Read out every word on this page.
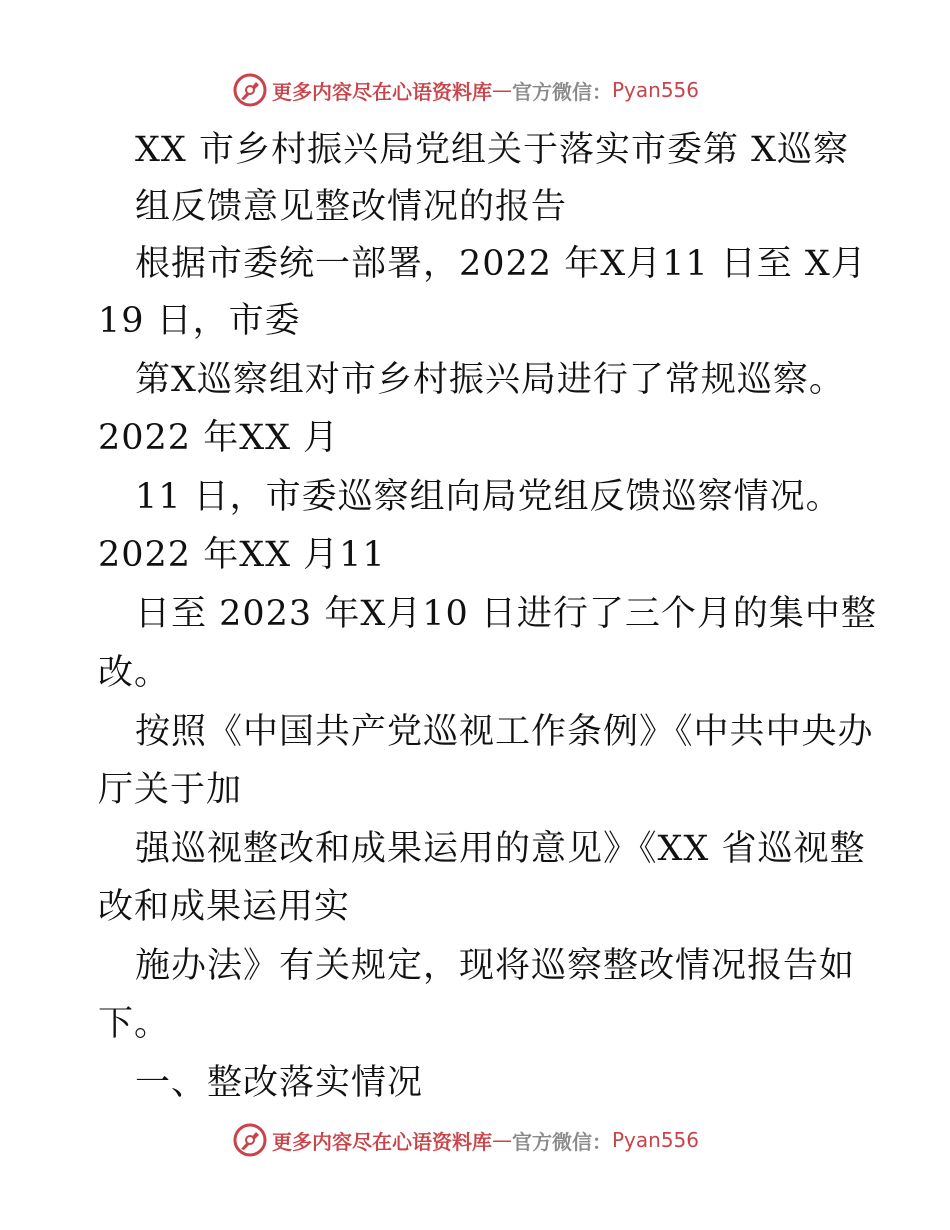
更多内容尽在心语资料库 — 官方微信： Pyan556
XX 市乡村振兴局党组关于落实市委第 X巡察
组反馈意见整改情况的报告
根据市委统一部署，2022 年X月11 日至 X月
19 日，市委
第X巡察组对市乡村振兴局进行了常规巡察。
2022 年XX 月
11 日，市委巡察组向局党组反馈巡察情况。
2022 年XX 月11
日至 2023 年X月10 日进行了三个月的集中整
改。
按照《中国共产党巡视工作条例》《中共中央办
厅关于加
强巡视整改和成果运用的意见》《XX 省巡视整
改和成果运用实
施办法》有关规定，现将巡察整改情况报告如
下。
一、整改落实情况
更多内容尽在心语资料库 — 官方微信： Pyan556
